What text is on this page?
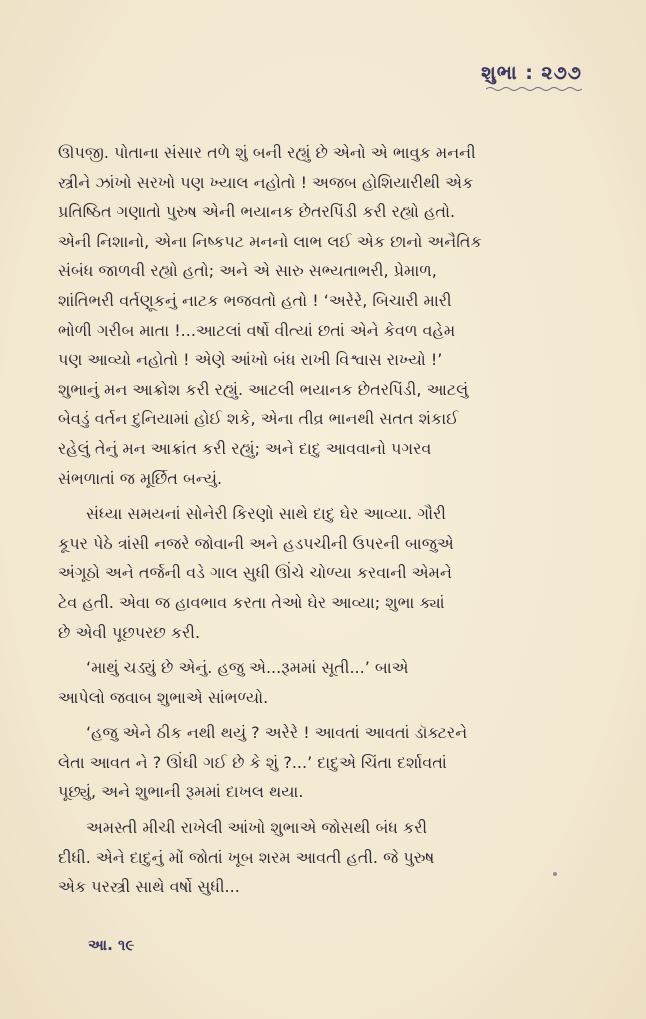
શુભા : ૨૭૭
ઊપજી. પોતાના સંસાર તળે શું બની રહ્યું છે એનો એ ભાવુક મનની
સ્ત્રીને ઝાંખો સરખો પણ ખ્યાલ નહોતો ! અજબ હોશિયારીથી એક
પ્રતિષ્ઠિત ગણાતો પુરુષ એની ભયાનક છેતરપિંડી કરી રહ્યો હતો.
એની નિશાનો, એના નિષ્કપટ મનનો લાભ લઈ એક છાનો અનૈતિક
સંબંધ જાળવી રહ્યો હતો; અને એ સારુ સભ્યતાભરી, પ્રેમાળ,
શાંતિભરી વર્તણૂકનું નાટક ભજવતો હતો ! ‘અરેરે, બિચારી મારી
ભોળી ગરીબ માતા !...આટલાં વર્ષો વીત્યાં છતાં એને કેવળ વહેમ
પણ આવ્યો નહોતો ! એણે આંખો બંધ રાખી વિશ્વાસ રાખ્યો !’
શુભાનું મન આક્રોશ કરી રહ્યું. આટલી ભયાનક છેતરપિંડી, આટલું
બેવડું વર્તન દુનિયામાં હોઈ શકે, એના તીવ્ર ભાનથી સતત શંકાઈ
રહેલું તેનું મન આક્રાંત કરી રહ્યું; અને દાદુ આવવાનો પગરવ
સંભળાતાં જ મૂર્છિત બન્યું.
સંધ્યા સમયનાં સોનેરી કિરણો સાથે દાદુ ઘેર આવ્યા. ગૌરી
કૂપર પેઠે ત્રાંસી નજરે જોવાની અને હડપચીની ઉપરની બાજુએ
અંગૂઠો અને તર્જની વડે ગાલ સુધી ઊંચે ચોળ્યા કરવાની એમને
ટેવ હતી. એવા જ હાવભાવ કરતા તેઓ ઘેર આવ્યા; શુભા ક્યાં
છે એવી પૂછપરછ કરી.
‘માથું ચડ્યું છે એનું. હજુ એ...રૂમમાં સૂતી...’ બાએ
આપેલો જવાબ શુભાએ સાંભળ્યો.
‘હજુ એને ઠીક નથી થયું ? અરેરે ! આવતાં આવતાં ડૉક્ટરને
લેતા આવત ને ? ઊંઘી ગઈ છે કે શું ?...’ દાદુએ ચિંતા દર્શાવતાં
પૂછ્યું, અને શુભાની રૂમમાં દાખલ થયા.
અમસ્તી મીચી રાખેલી આંખો શુભાએ જોસથી બંધ કરી
દીધી. એને દાદુનું મોં જોતાં ખૂબ શરમ આવતી હતી. જે પુરુષ
એક પરસ્ત્રી સાથે વર્ષો સુધી...
આ. ૧૯
